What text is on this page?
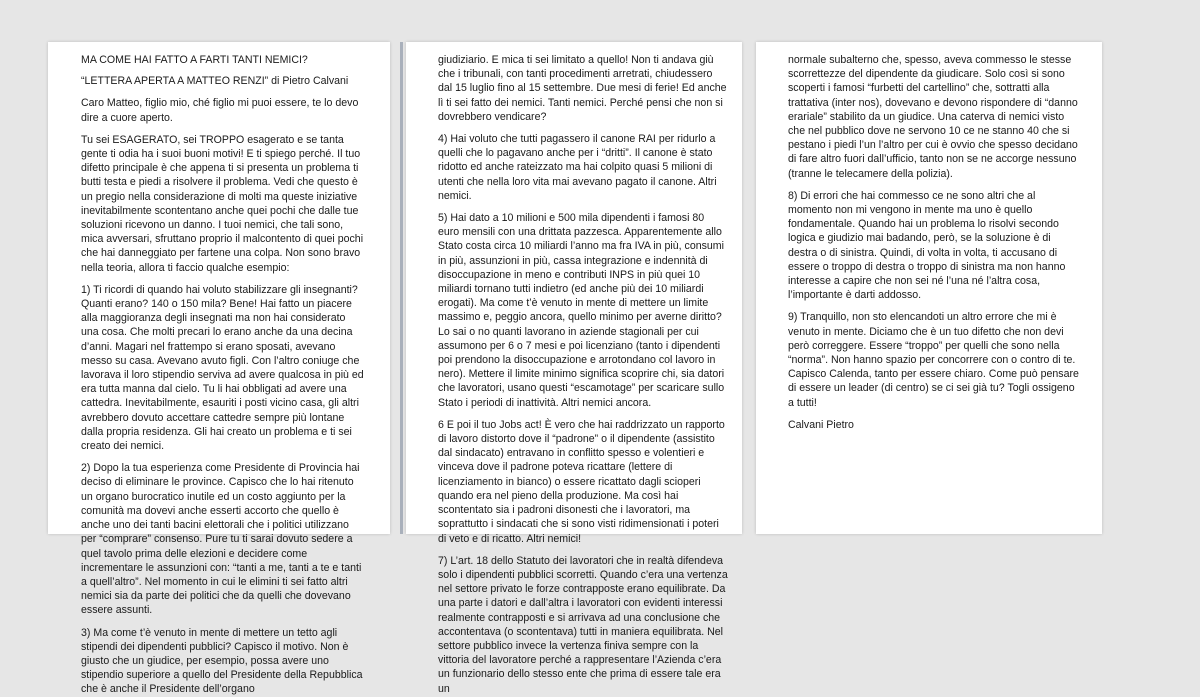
MA COME HAI FATTO A FARTI TANTI NEMICI?

“LETTERA APERTA A MATTEO RENZI” di Pietro Calvani

Caro Matteo, figlio mio, ché figlio mi puoi essere, te lo devo dire a cuore aperto.

Tu sei ESAGERATO, sei TROPPO esagerato e se tanta gente ti odia ha i suoi buoni motivi! E ti spiego perché. Il tuo difetto principale è che appena ti si presenta un problema ti butti testa e piedi a risolvere il problema. Vedi che questo è un pregio nella considerazione di molti ma queste iniziative inevitabilmente scontentano anche quei pochi che dalle tue soluzioni ricevono un danno. I tuoi nemici, che tali sono, mica avversari, sfruttano proprio il malcontento di quei pochi che hai danneggiato per fartene una colpa. Non sono bravo nella teoria, allora ti faccio qualche esempio:

1) Ti ricordi di quando hai voluto stabilizzare gli insegnanti? Quanti erano? 140 o 150 mila? Bene! Hai fatto un piacere alla maggioranza degli insegnati ma non hai considerato una cosa. Che molti precari lo erano anche da una decina d’anni. Magari nel frattempo si erano sposati, avevano messo su casa. Avevano avuto figli. Con l’altro coniuge che lavorava il loro stipendio serviva ad avere qualcosa in più ed era tutta manna dal cielo. Tu li hai obbligati ad avere una cattedra. Inevitabilmente, esauriti i posti vicino casa, gli altri avrebbero dovuto accettare cattedre sempre più lontane dalla propria residenza. Gli hai creato un problema e ti sei creato dei nemici.

2) Dopo la tua esperienza come Presidente di Provincia hai deciso di eliminare le province. Capisco che lo hai ritenuto un organo burocratico inutile ed un costo aggiunto per la comunità ma dovevi anche esserti accorto che quello è anche uno dei tanti bacini elettorali che i politici utilizzano per “comprare” consenso. Pure tu ti sarai dovuto sedere a quel tavolo prima delle elezioni e decidere come incrementare le assunzioni con: “tanti a me, tanti a te e tanti a quell’altro”. Nel momento in cui le elimini ti sei fatto altri nemici sia da parte dei politici che da quelli che dovevano essere assunti.

3) Ma come t’è venuto in mente di mettere un tetto agli stipendi dei dipendenti pubblici? Capisco il motivo. Non è giusto che un giudice, per esempio, possa avere uno stipendio superiore a quello del Presidente della Repubblica che è anche il Presidente dell’organo

giudiziario. E mica ti sei limitato a quello! Non ti andava giù che i tribunali, con tanti procedimenti arretrati, chiudessero dal 15 luglio fino al 15 settembre. Due mesi di ferie! Ed anche lì ti sei fatto dei nemici. Tanti nemici. Perché pensi che non si dovrebbero vendicare?

4) Hai voluto che tutti pagassero il canone RAI per ridurlo a quelli che lo pagavano anche per i “dritti”. Il canone è stato ridotto ed anche rateizzato ma hai colpito quasi 5 milioni di utenti che nella loro vita mai avevano pagato il canone. Altri nemici.

5) Hai dato a 10 milioni e 500 mila dipendenti i famosi 80 euro mensili con una drittata pazzesca. Apparentemente allo Stato costa circa 10 miliardi l’anno ma fra IVA in più, consumi in più, assunzioni in più, cassa integrazione e indennità di disoccupazione in meno e contributi INPS in più quei 10 miliardi tornano tutti indietro (ed anche più dei 10 miliardi erogati). Ma come t’è venuto in mente di mettere un limite massimo e, peggio ancora, quello minimo per averne diritto? Lo sai o no quanti lavorano in aziende stagionali per cui assumono per 6 o 7 mesi e poi licenziano (tanto i dipendenti poi prendono la disoccupazione e arrotondano col lavoro in nero). Mettere il limite minimo significa scoprire chi, sia datori che lavoratori, usano questi “escamotage” per scaricare sullo Stato i periodi di inattività. Altri nemici ancora.

6 E poi il tuo Jobs act! È vero che hai raddrizzato un rapporto di lavoro distorto dove il “padrone” o il dipendente (assistito dal sindacato) entravano in conflitto spesso e volentieri e vinceva dove il padrone poteva ricattare (lettere di licenziamento in bianco) o essere ricattato dagli scioperi quando era nel pieno della produzione. Ma così hai scontentato sia i padroni disonesti che i lavoratori, ma soprattutto i sindacati che si sono visti ridimensionati i poteri di veto e di ricatto. Altri nemici!

7) L’art. 18 dello Statuto dei lavoratori che in realtà difendeva solo i dipendenti pubblici scorretti. Quando c’era una vertenza nel settore privato le forze contrapposte erano equilibrate. Da una parte i datori e dall’altra i lavoratori con evidenti interessi realmente contrapposti e si arrivava ad una conclusione che accontentava (o scontentava) tutti in maniera equilibrata. Nel settore pubblico invece la vertenza finiva sempre con la vittoria del lavoratore perché a rappresentare l’Azienda c’era un funzionario dello stesso ente che prima di essere tale era un

normale subalterno che, spesso, aveva commesso le stesse scorrettezze del dipendente da giudicare. Solo così si sono scoperti i famosi “furbetti del cartellino” che, sottratti alla trattativa (inter nos), dovevano e devono rispondere di “danno erariale” stabilito da un giudice. Una caterva di nemici visto che nel pubblico dove ne servono 10 ce ne stanno 40 che si pestano i piedi l’un l’altro per cui è ovvio che spesso decidano di fare altro fuori dall’ufficio, tanto non se ne accorge nessuno (tranne le telecamere della polizia).

8) Di errori che hai commesso ce ne sono altri che al momento non mi vengono in mente ma uno è quello fondamentale. Quando hai un problema lo risolvi secondo logica e giudizio mai badando, però, se la soluzione è di destra o di sinistra. Quindi, di volta in volta, ti accusano di essere o troppo di destra o troppo di sinistra ma non hanno interesse a capire che non sei né l’una né l’altra cosa, l’importante è darti addosso.

9) Tranquillo, non sto elencandoti un altro errore che mi è venuto in mente. Diciamo che è un tuo difetto che non devi però correggere. Essere “troppo” per quelli che sono nella “norma”. Non hanno spazio per concorrere con o contro di te. Capisco Calenda, tanto per essere chiaro. Come può pensare di essere un leader (di centro) se ci sei già tu? Togli ossigeno a tutti!

Calvani Pietro
